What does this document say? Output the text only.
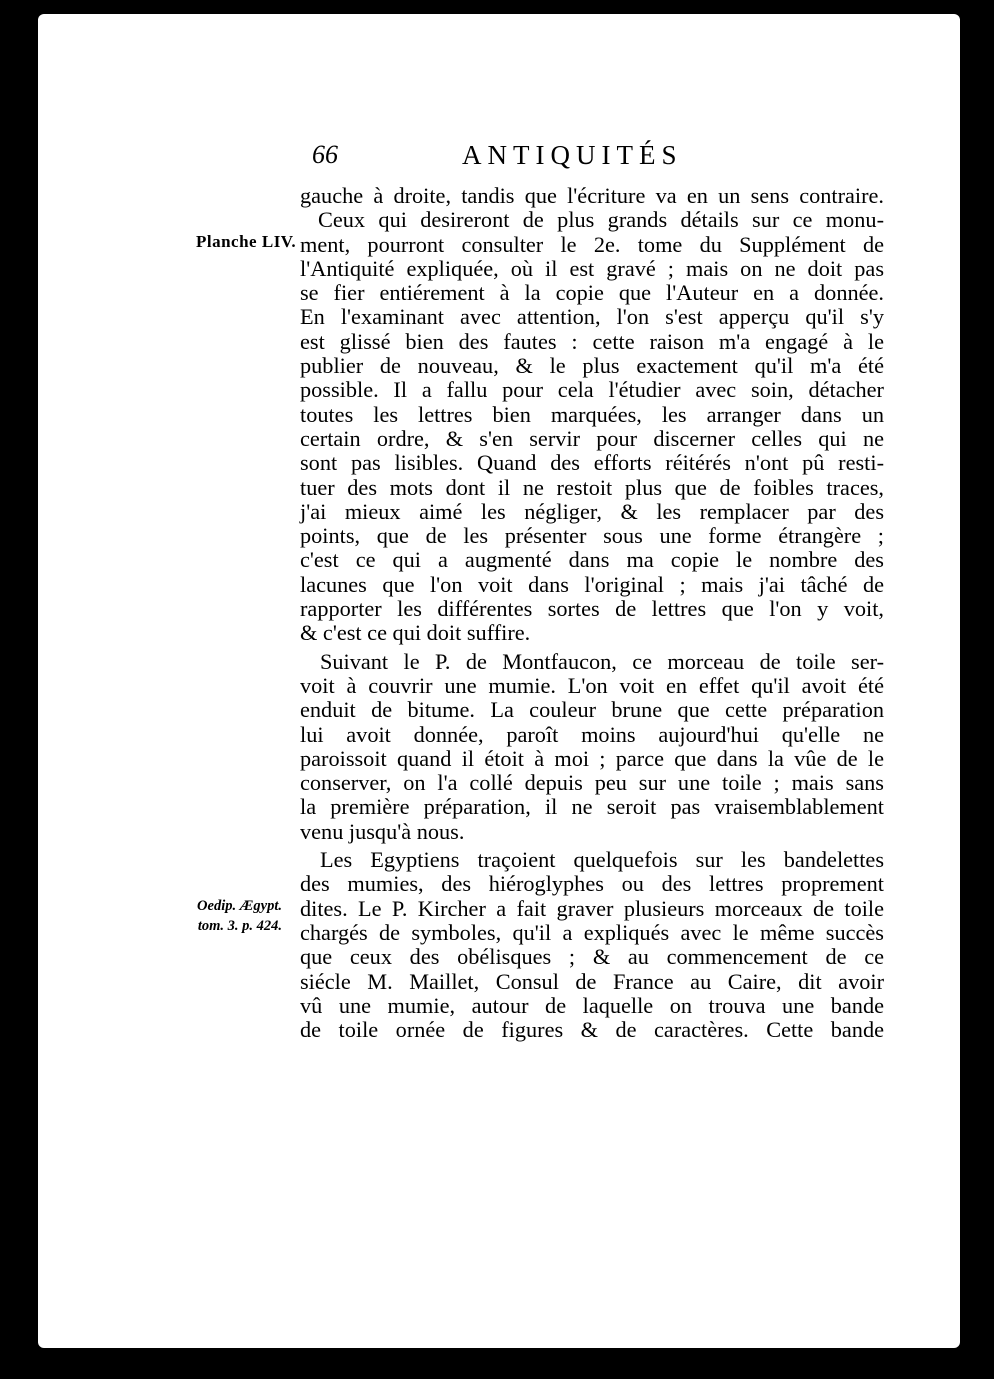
66	ANTIQUITÉS
Planche LIV.
Oedip. Ægypt.
tom. 3. p. 424.
gauche à droite, tandis que l'écriture va en un sens contraire.
Ceux qui desireront de plus grands détails sur ce monu-
ment, pourront consulter le 2e. tome du Supplément de
l'Antiquité expliquée, où il est gravé ; mais on ne doit pas
se fier entiérement à la copie que l'Auteur en a donnée.
En l'examinant avec attention, l'on s'est apperçu qu'il s'y
est glissé bien des fautes : cette raison m'a engagé à le
publier de nouveau, & le plus exactement qu'il m'a été
possible. Il a fallu pour cela l'étudier avec soin, détacher
toutes les lettres bien marquées, les arranger dans un
certain ordre, & s'en servir pour discerner celles qui ne
sont pas lisibles. Quand des efforts réitérés n'ont pû resti-
tuer des mots dont il ne restoit plus que de foibles traces,
j'ai mieux aimé les négliger, & les remplacer par des
points, que de les présenter sous une forme étrangère ;
c'est ce qui a augmenté dans ma copie le nombre des
lacunes que l'on voit dans l'original ; mais j'ai tâché de
rapporter les différentes sortes de lettres que l'on y voit,
& c'est ce qui doit suffire.
Suivant le P. de Montfaucon, ce morceau de toile ser-
voit à couvrir une mumie. L'on voit en effet qu'il avoit été
enduit de bitume. La couleur brune que cette préparation
lui avoit donnée, paroît moins aujourd'hui qu'elle ne
paroissoit quand il étoit à moi ; parce que dans la vûe de le
conserver, on l'a collé depuis peu sur une toile ; mais sans
la première préparation, il ne seroit pas vraisemblablement
venu jusqu'à nous.
Les Egyptiens traçoient quelquefois sur les bandelettes
des mumies, des hiéroglyphes ou des lettres proprement
dites. Le P. Kircher a fait graver plusieurs morceaux de toile
chargés de symboles, qu'il a expliqués avec le même succès
que ceux des obélisques ; & au commencement de ce
siécle M. Maillet, Consul de France au Caire, dit avoir
vû une mumie, autour de laquelle on trouva une bande
de toile ornée de figures & de caractères. Cette bande
